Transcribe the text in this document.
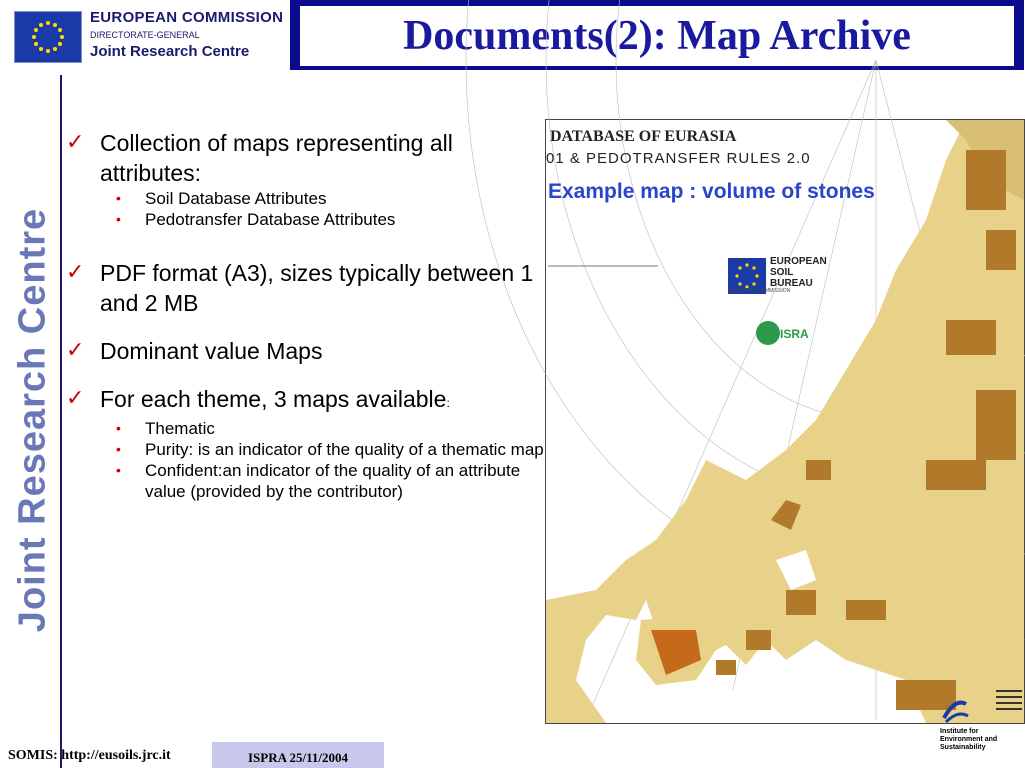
EUROPEAN COMMISSION
DIRECTORATE-GENERAL
Joint Research Centre	Documents(2): Map Archive
Joint Research Centre
✓ Collection of maps representing all attributes:
• Soil Database Attributes
• Pedotransfer Database Attributes
✓ PDF format (A3), sizes typically between 1 and 2 MB
✓ Dominant value Maps
✓ For each theme, 3 maps available:
• Thematic
• Purity: is an indicator of the quality of a thematic map
• Confident:an indicator of the quality of an attribute value (provided by the contributor)
DATABASE OF EURASIA
01 & PEDOTRANSFER RULES 2.0
Example map : volume of stones
EUROPEAN
SOIL
BUREAU
EUROPEAN COMMISSION
ISRA
SOMIS: http://eusoils.jrc.it	ISPRA 25/11/2004
Institute for Environment and Sustainability
